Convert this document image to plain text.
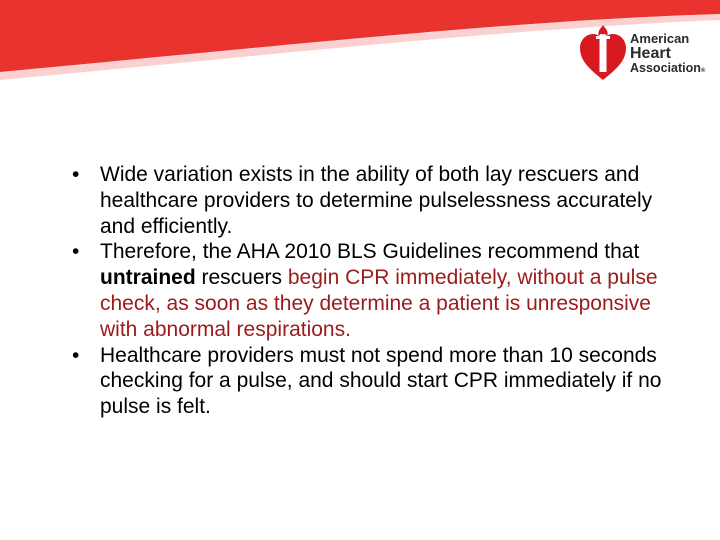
American
Heart
Association®
• Wide variation exists in the ability of both lay rescuers and healthcare providers to determine pulselessness accurately and efficiently.
• Therefore, the AHA 2010 BLS Guidelines recommend that untrained rescuers begin CPR immediately, without a pulse check, as soon as they determine a patient is unresponsive with abnormal respirations.
• Healthcare providers must not spend more than 10 seconds checking for a pulse, and should start CPR immediately if no pulse is felt.
